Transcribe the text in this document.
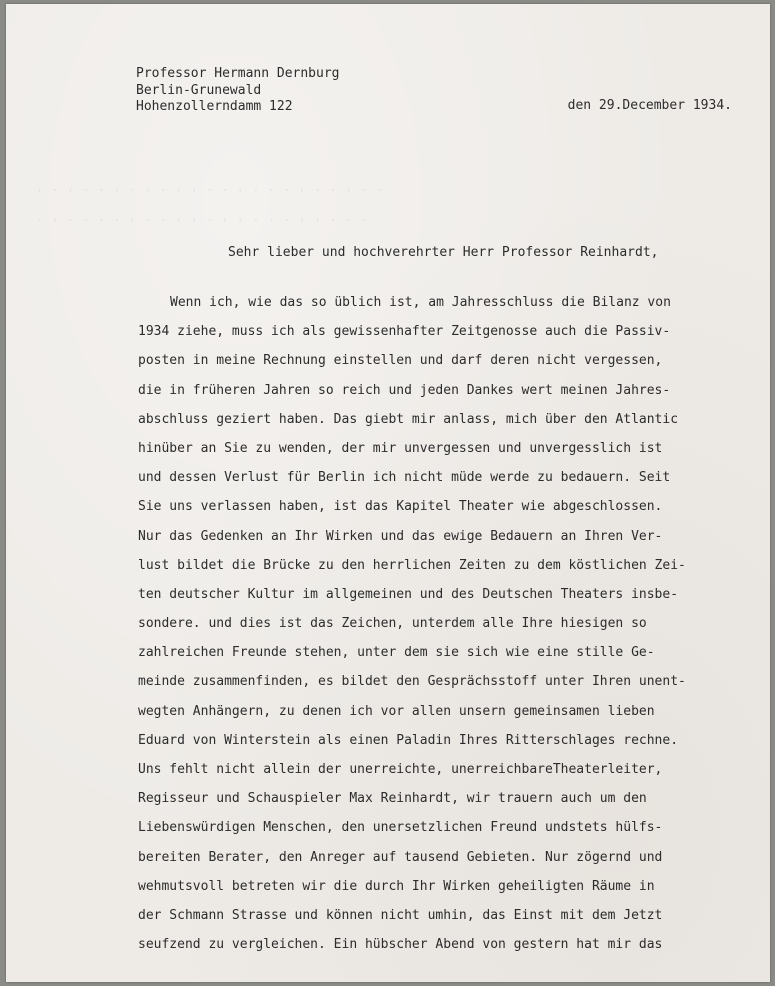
, . , . . , . , . , , . . , . . . , . . , . .
. , . . . . , . . . , . , , . . . , , . . .
Professor Hermann Dernburg
Berlin-Grunewald
Hohenzollerndamm 122	den 29.December 1934.
Sehr lieber und hochverehrter Herr Professor Reinhardt,
Wenn ich, wie das so üblich ist, am Jahresschluss die Bilanz von
1934 ziehe, muss ich als gewissenhafter Zeitgenosse auch die Passiv-
posten in meine Rechnung einstellen und darf deren nicht vergessen,
die in früheren Jahren so reich und jeden Dankes wert meinen Jahres-
abschluss geziert haben. Das giebt mir anlass, mich über den Atlantic
hinüber an Sie zu wenden, der mir unvergessen und unvergesslich ist
und dessen Verlust für Berlin ich nicht müde werde zu bedauern. Seit
Sie uns verlassen haben, ist das Kapitel Theater wie abgeschlossen.
Nur das Gedenken an Ihr Wirken und das ewige Bedauern an Ihren Ver-
lust bildet die Brücke zu den herrlichen Zeiten zu dem köstlichen Zei-
ten deutscher Kultur im allgemeinen und des Deutschen Theaters insbe-
sondere. und dies ist das Zeichen, unterdem alle Ihre hiesigen so
zahlreichen Freunde stehen, unter dem sie sich wie eine stille Ge-
meinde zusammenfinden, es bildet den Gesprächsstoff unter Ihren unent-
wegten Anhängern, zu denen ich vor allen unsern gemeinsamen lieben
Eduard von Winterstein als einen Paladin Ihres Ritterschlages rechne.
Uns fehlt nicht allein der unerreichte, unerreichbareTheaterleiter,
Regisseur und Schauspieler Max Reinhardt, wir trauern auch um den
Liebenswürdigen Menschen, den unersetzlichen Freund undstets hülfs-
bereiten Berater, den Anreger auf tausend Gebieten. Nur zögernd und
wehmutsvoll betreten wir die durch Ihr Wirken geheiligten Räume in
der Schmann Strasse und können nicht umhin, das Einst mit dem Jetzt
seufzend zu vergleichen. Ein hübscher Abend von gestern hat mir das
